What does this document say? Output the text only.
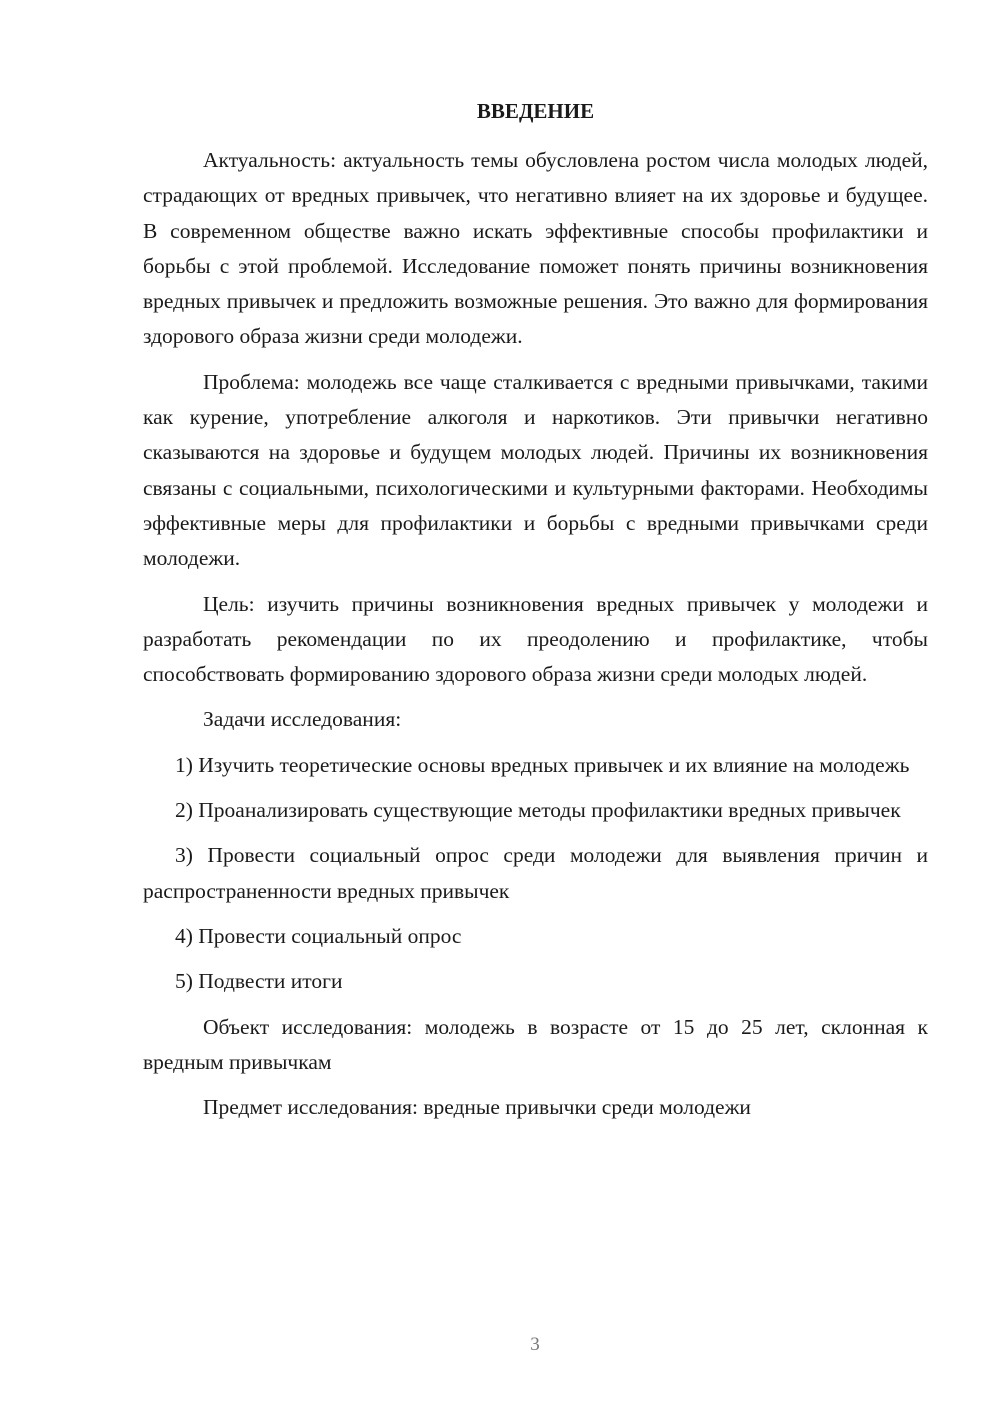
ВВЕДЕНИЕ

Актуальность: актуальность темы обусловлена ростом числа молодых людей, страдающих от вредных привычек, что негативно влияет на их здоровье и будущее. В современном обществе важно искать эффективные способы профилактики и борьбы с этой проблемой. Исследование поможет понять причины возникновения вредных привычек и предложить возможные решения. Это важно для формирования здорового образа жизни среди молодежи.

Проблема: молодежь все чаще сталкивается с вредными привычками, такими как курение, употребление алкоголя и наркотиков. Эти привычки негативно сказываются на здоровье и будущем молодых людей. Причины их возникновения связаны с социальными, психологическими и культурными факторами. Необходимы эффективные меры для профилактики и борьбы с вредными привычками среди молодежи.

Цель: изучить причины возникновения вредных привычек у молодежи и разработать рекомендации по их преодолению и профилактике, чтобы способствовать формированию здорового образа жизни среди молодых людей.

Задачи исследования:

1) Изучить теоретические основы вредных привычек и их влияние на молодежь

2) Проанализировать существующие методы профилактики вредных привычек

3) Провести социальный опрос среди молодежи для выявления причин и распространенности вредных привычек

4) Провести социальный опрос

5) Подвести итоги

Объект исследования: молодежь в возрасте от 15 до 25 лет, склонная к вредным привычкам

Предмет исследования: вредные привычки среди молодежи

3
